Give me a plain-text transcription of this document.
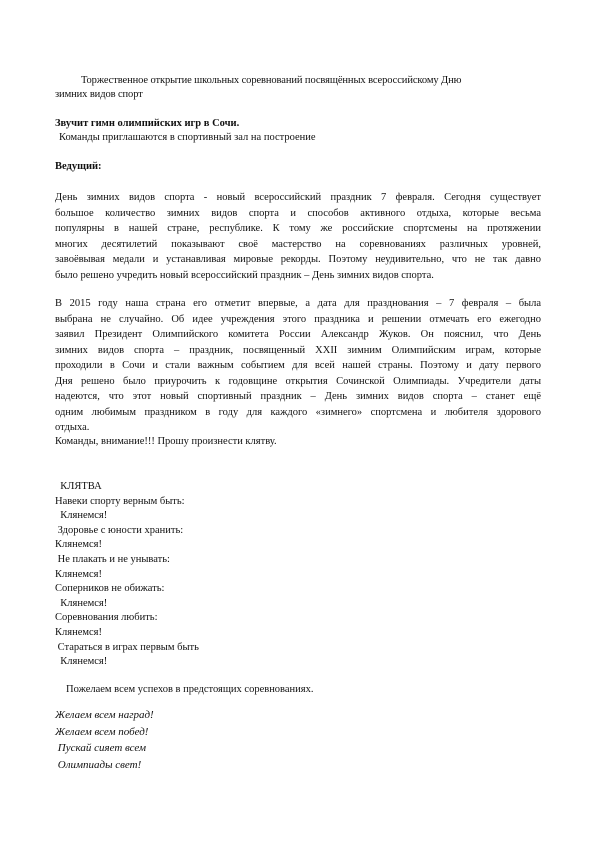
Торжественное открытие школьных соревнований посвящённых всероссийскому Дню
зимних видов спорт
Звучит гимн олимпийских игр в Сочи.
Команды приглашаются в спортивный зал на построение
Ведущий:
День зимних видов спорта - новый всероссийский праздник 7 февраля. Сегодня существует
большое количество зимних видов спорта и способов активного отдыха, которые весьма
популярны в нашей стране, республике. К тому же российские спортсмены на протяжении
многих десятилетий показывают своё мастерство на соревнованиях различных уровней,
завоёвывая медали и устанавливая мировые рекорды. Поэтому неудивительно, что не так давно
было решено учредить новый всероссийский праздник – День зимних видов спорта.
В 2015 году наша страна его отметит впервые, а дата для празднования – 7 февраля – была
выбрана не случайно. Об идее учреждения этого праздника и решении отмечать его ежегодно
заявил Президент Олимпийского комитета России Александр Жуков. Он пояснил, что День
зимних видов спорта – праздник, посвященный XXII зимним Олимпийским играм, которые
проходили в Сочи и стали важным событием для всей нашей страны. Поэтому и дату первого
Дня решено было приурочить к годовщине открытия Сочинской Олимпиады. Учредители даты
надеются, что этот новый спортивный праздник – День зимних видов спорта – станет ещё
одним любимым праздником в году для каждого «зимнего» спортсмена и любителя здорового
отдыха.
Команды, внимание!!! Прошу произнести клятву.
КЛЯТВА
Навеки спорту верным быть:
Клянемся!
Здоровье с юности хранить:
Клянемся!
Не плакать и не унывать:
Клянемся!
Соперников не обижать:
Клянемся!
Соревнования любить:
Клянемся!
Стараться в играх первым быть
Клянемся!
Пожелаем всем успехов в предстоящих соревнованиях.
Желаем всем наград!
Желаем всем побед!
Пускай сияет всем
Олимпиады свет!
